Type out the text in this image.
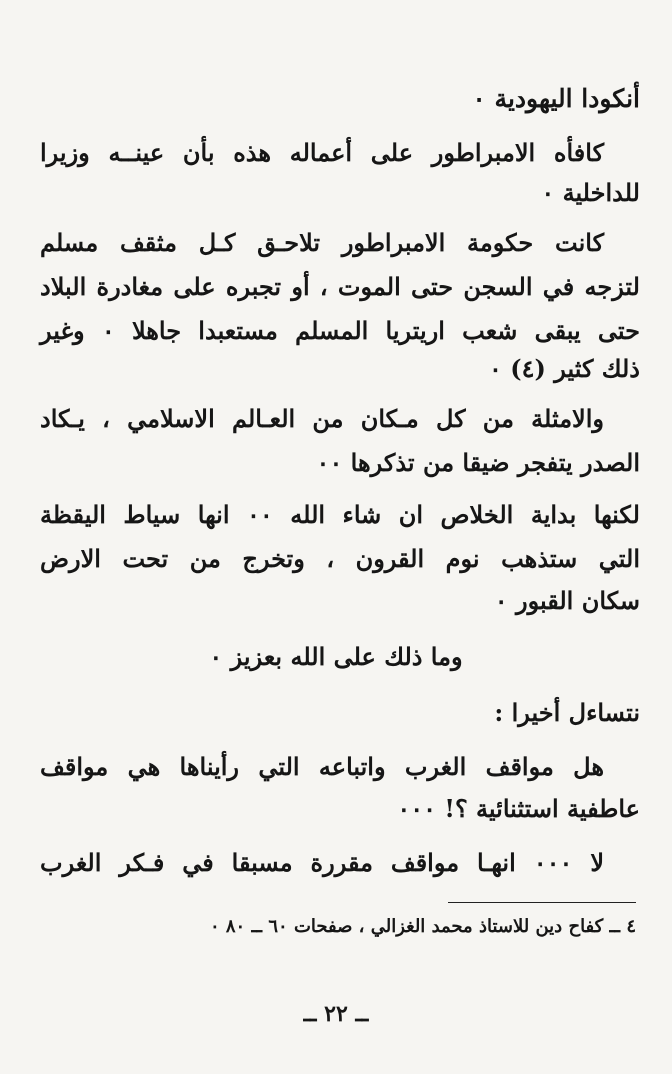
أنكودا اليهودية ٠
كافأه الامبراطور على أعماله هذه بأن عينــه وزيرا
للداخلية ٠
كانت حكومة الامبراطور تلاحـق كـل مثقف مسلم
لتزجه في السجن حتى الموت ، أو تجبره على مغادرة البلاد
حتى يبقى شعب اريتريا المسلم مستعبدا جاهلا ٠ وغير
ذلك كثير (٤) ٠
والامثلة من كل مـكان من العـالم الاسلامي ، يـكاد
الصدر يتفجر ضيقا من تذكرها ٠٠
لكنها بداية الخلاص ان شاء الله ٠٠ انها سياط اليقظة
التي ستذهب نوم القرون ، وتخرج من تحت الارض
سكان القبور ٠
وما ذلك على الله بعزيز ٠
نتساءل أخيرا :
هل مواقف الغرب واتباعه التي رأيناها هي مواقف
عاطفية استثنائية ؟! ٠٠٠
لا ٠٠٠ انهـا مواقف مقررة مسبقا في فـكر الغرب
٤ ــ كفاح دين للاستاذ محمد الغزالي ، صفحات ٦٠ ــ ٨٠ ٠
ــ ٢٢ ــ
